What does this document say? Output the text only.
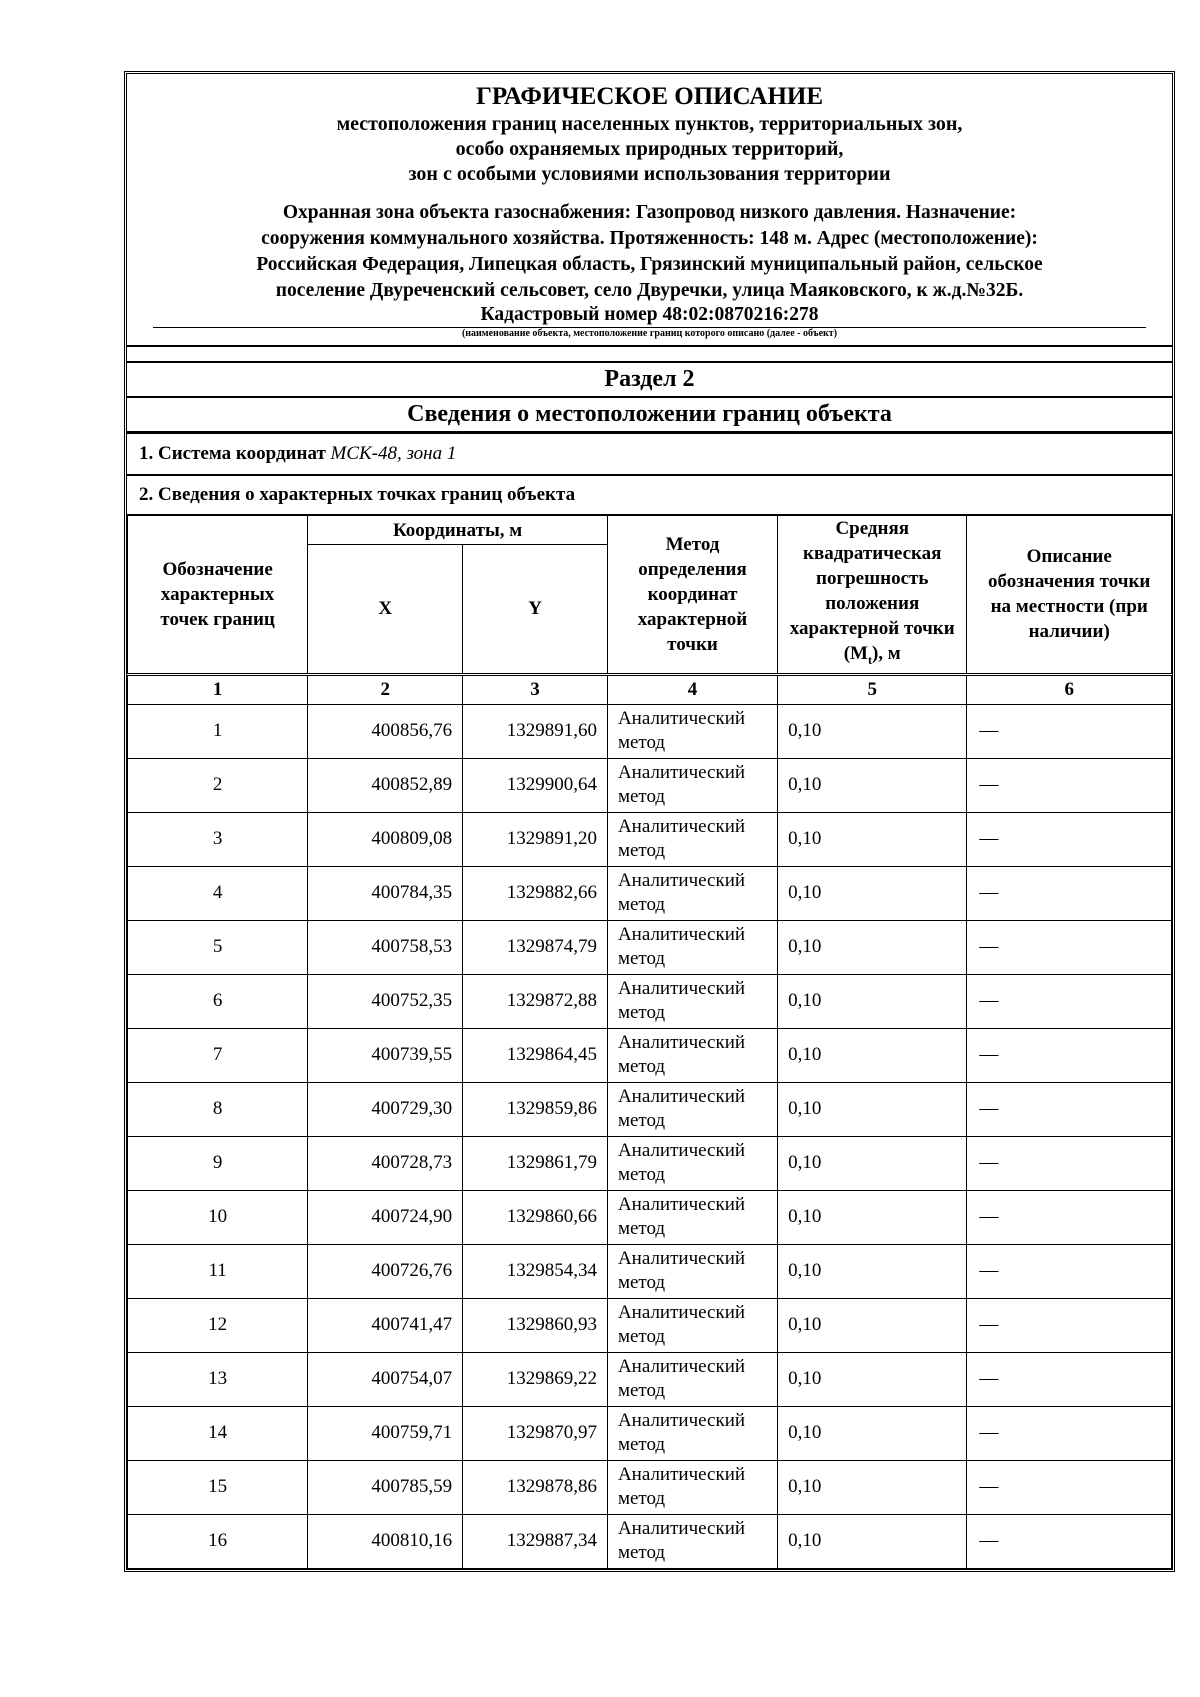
ГРАФИЧЕСКОЕ ОПИСАНИЕ
местоположения границ населенных пунктов, территориальных зон,
особо охраняемых природных территорий,
зон с особыми условиями использования территории
Охранная зона объекта газоснабжения: Газопровод низкого давления. Назначение:
сооружения коммунального хозяйства. Протяженность: 148 м. Адрес (местоположение):
Российская Федерация, Липецкая область, Грязинский муниципальный район, сельское
поселение Двуреченский сельсовет, село Двуречки, улица Маяковского, к ж.д.№32Б.
Кадастровый номер 48:02:0870216:278
(наименование объекта, местоположение границ которого описано (далее - объект)
Раздел 2
Сведения о местоположении границ объекта
1. Система координат МСК-48, зона 1
2. Сведения о характерных точках границ объекта
Обозначение характерных точек границ	Координаты, м		Метод определения координат характерной точки	Средняя квадратическая погрешность положения характерной точки $(M_t)$, м	Описание обозначения точки на местности (при наличии)
	X	Y			
1	2	3	4	5	6
1	400856,76	1329891,60	Аналитический метод	0,10	—
2	400852,89	1329900,64	Аналитический метод	0,10	—
3	400809,08	1329891,20	Аналитический метод	0,10	—
4	400784,35	1329882,66	Аналитический метод	0,10	—
5	400758,53	1329874,79	Аналитический метод	0,10	—
6	400752,35	1329872,88	Аналитический метод	0,10	—
7	400739,55	1329864,45	Аналитический метод	0,10	—
8	400729,30	1329859,86	Аналитический метод	0,10	—
9	400728,73	1329861,79	Аналитический метод	0,10	—
10	400724,90	1329860,66	Аналитический метод	0,10	—
11	400726,76	1329854,34	Аналитический метод	0,10	—
12	400741,47	1329860,93	Аналитический метод	0,10	—
13	400754,07	1329869,22	Аналитический метод	0,10	—
14	400759,71	1329870,97	Аналитический метод	0,10	—
15	400785,59	1329878,86	Аналитический метод	0,10	—
16	400810,16	1329887,34	Аналитический метод	0,10	—
